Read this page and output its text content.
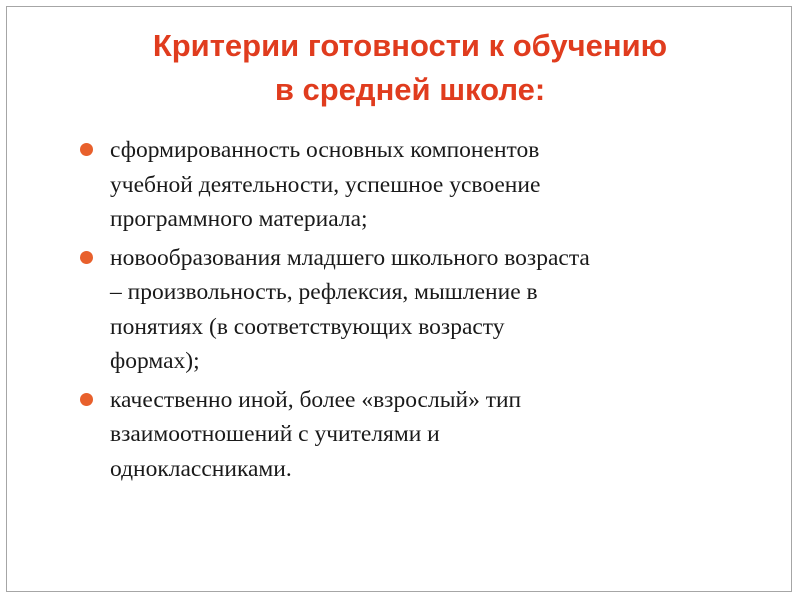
Критерии готовности к обучению
в средней школе:
сформированность основных компонентов
учебной деятельности, успешное усвоение
программного материала;
новообразования младшего школьного возраста
– произвольность, рефлексия, мышление в
понятиях (в соответствующих возрасту
формах);
качественно иной, более «взрослый» тип
взаимоотношений с учителями и
одноклассниками.
